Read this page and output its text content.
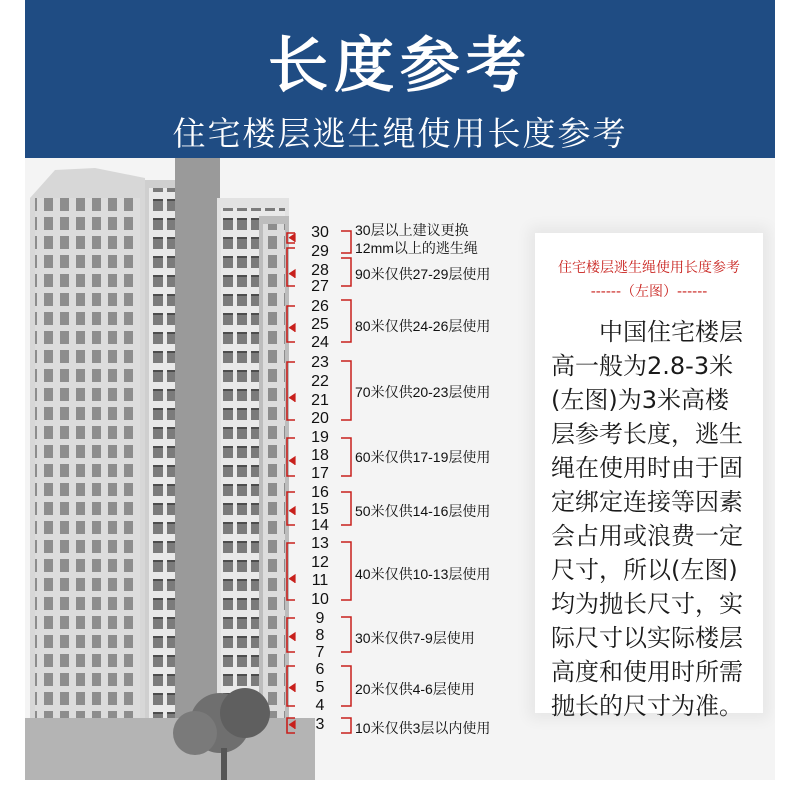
长度参考
住宅楼层逃生绳使用长度参考
30
29
28
27
26
25
24
23
22
21
20
19
18
17
16
15
14
13
12
11
10
9
8
7
6
5
4
3
30层以上建议更换
12mm以上的逃生绳
90米仅供27-29层使用
80米仅供24-26层使用
70米仅供20-23层使用
60米仅供17-19层使用
50米仅供14-16层使用
40米仅供10-13层使用
30米仅供7-9层使用
20米仅供4-6层使用
10米仅供3层以内使用
住宅楼层逃生绳使用长度参考
------（左图）------
中国住宅楼层高一般为2.8-3米(左图)为3米高楼层参考长度，逃生绳在使用时由于固定绑定连接等因素会占用或浪费一定尺寸，所以(左图)均为抛长尺寸，实际尺寸以实际楼层高度和使用时所需抛长的尺寸为准。
